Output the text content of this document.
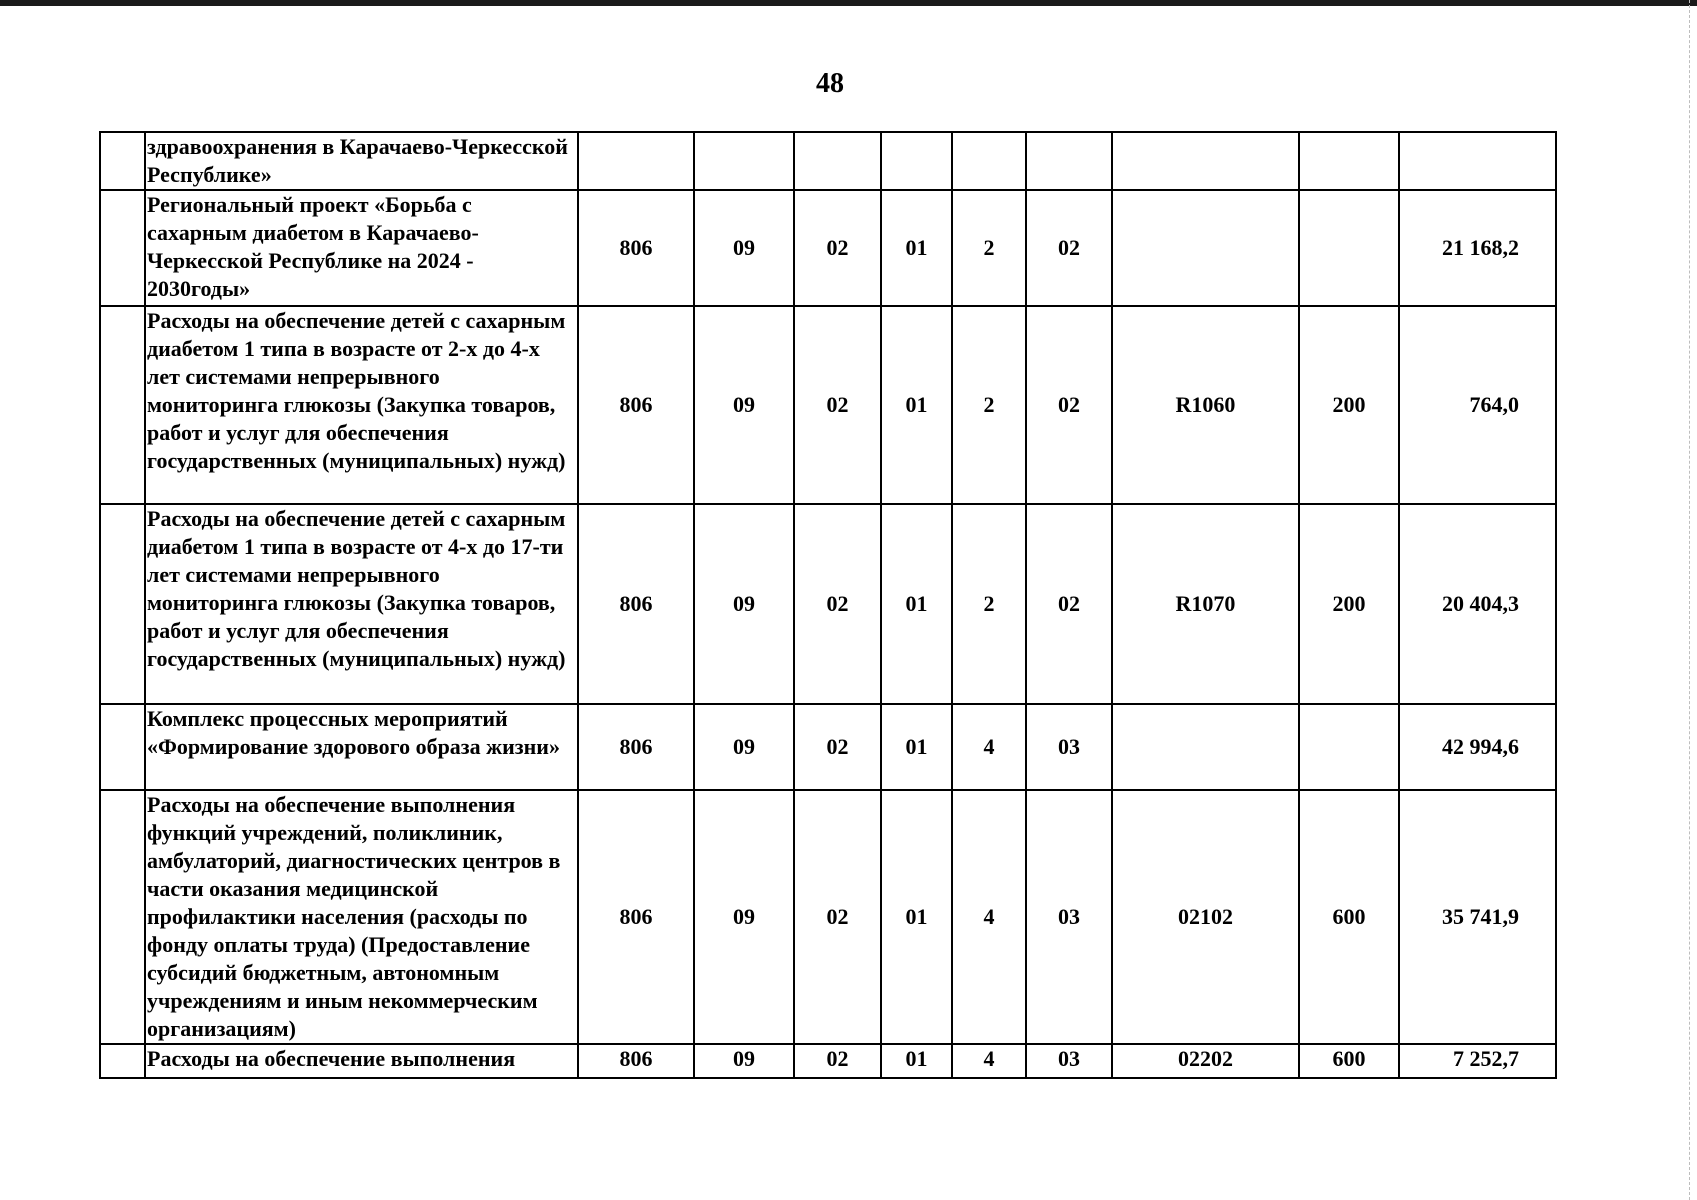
48
	здравоохранения в Карачаево-Черкесской Республике»									
	Региональный проект «Борьба с сахарным диабетом в Карачаево-Черкесской Республике на 2024 - 2030годы»	806	09	02	01	2	02			21 168,2
	Расходы на обеспечение детей с сахарным диабетом 1 типа в возрасте от 2-х до 4-х лет системами непрерывного мониторинга глюкозы (Закупка товаров, работ и услуг для обеспечения государственных (муниципальных) нужд)	806	09	02	01	2	02	R1060	200	764,0
	Расходы на обеспечение детей с сахарным диабетом 1 типа в возрасте от 4-х до 17-ти лет системами непрерывного мониторинга глюкозы (Закупка товаров, работ и услуг для обеспечения государственных (муниципальных) нужд)	806	09	02	01	2	02	R1070	200	20 404,3
	Комплекс процессных мероприятий «Формирование здорового образа жизни»	806	09	02	01	4	03			42 994,6
	Расходы на обеспечение выполнения функций учреждений, поликлиник, амбулаторий, диагностических центров в части оказания медицинской профилактики населения (расходы по фонду оплаты труда) (Предоставление субсидий бюджетным, автономным учреждениям и иным некоммерческим организациям)	806	09	02	01	4	03	02102	600	35 741,9
	Расходы на обеспечение выполнения	806	09	02	01	4	03	02202	600	7 252,7
